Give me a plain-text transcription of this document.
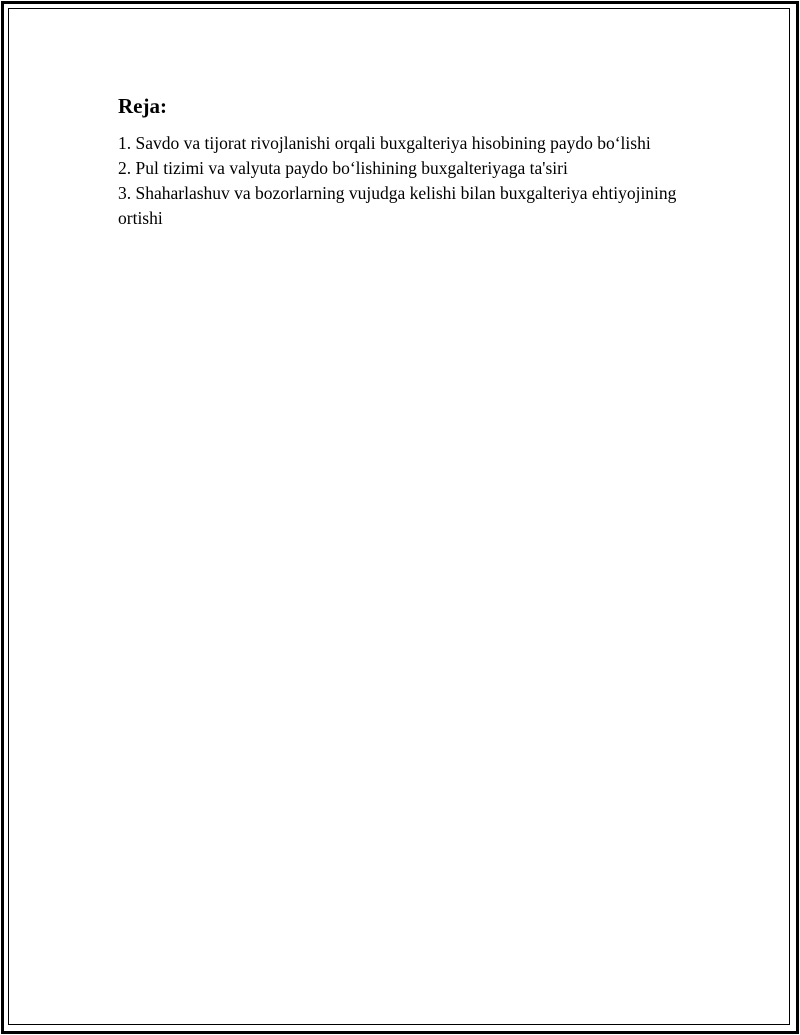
Reja:
1. Savdo va tijorat rivojlanishi orqali buxgalteriya hisobining paydo bo‘lishi
2. Pul tizimi va valyuta paydo bo‘lishining buxgalteriyaga ta'siri
3. Shaharlashuv va bozorlarning vujudga kelishi bilan buxgalteriya ehtiyojining ortishi
